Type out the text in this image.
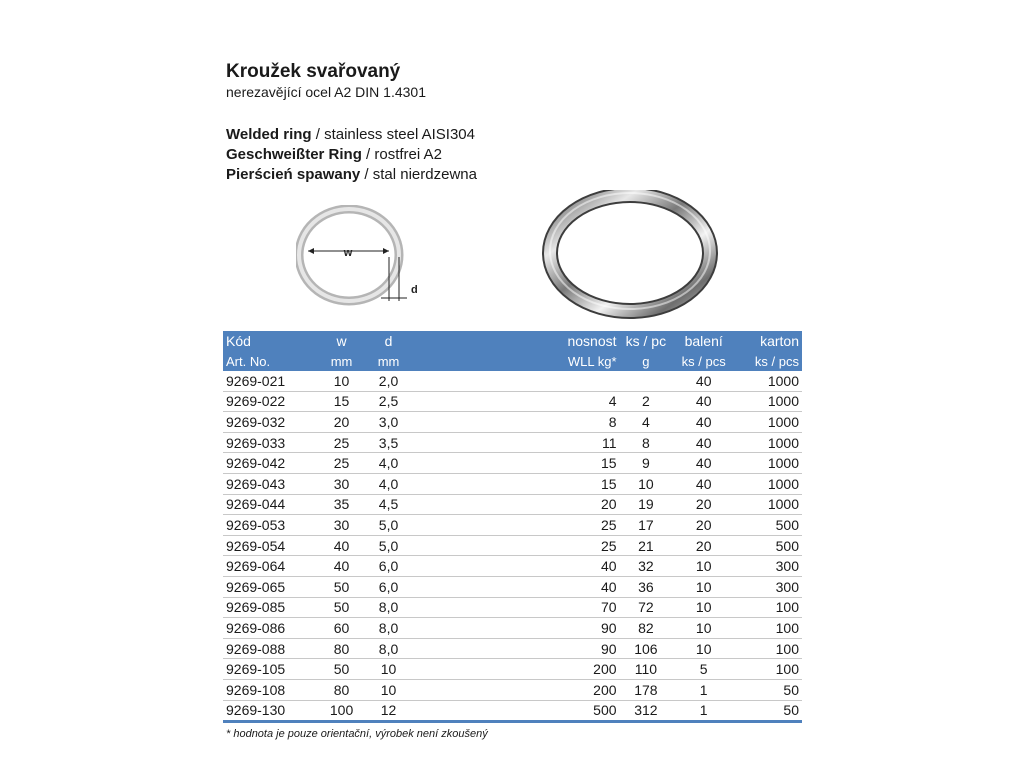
Kroužek svařovaný
nerezavějící ocel A2 DIN 1.4301
Welded ring / stainless steel AISI304
Geschweißter Ring / rostfrei A2
Pierścień spawany / stal nierdzewna
w
d
Kód	w	d	nosnost	ks / pc	balení	karton
Art. No.	mm	mm	WLL kg*	g	ks / pcs	ks / pcs
9269-021	10	2,0			40	1000
9269-022	15	2,5	4	2	40	1000
9269-032	20	3,0	8	4	40	1000
9269-033	25	3,5	11	8	40	1000
9269-042	25	4,0	15	9	40	1000
9269-043	30	4,0	15	10	40	1000
9269-044	35	4,5	20	19	20	1000
9269-053	30	5,0	25	17	20	500
9269-054	40	5,0	25	21	20	500
9269-064	40	6,0	40	32	10	300
9269-065	50	6,0	40	36	10	300
9269-085	50	8,0	70	72	10	100
9269-086	60	8,0	90	82	10	100
9269-088	80	8,0	90	106	10	100
9269-105	50	10	200	110	5	100
9269-108	80	10	200	178	1	50
9269-130	100	12	500	312	1	50
* hodnota je pouze orientační, výrobek není zkoušený
